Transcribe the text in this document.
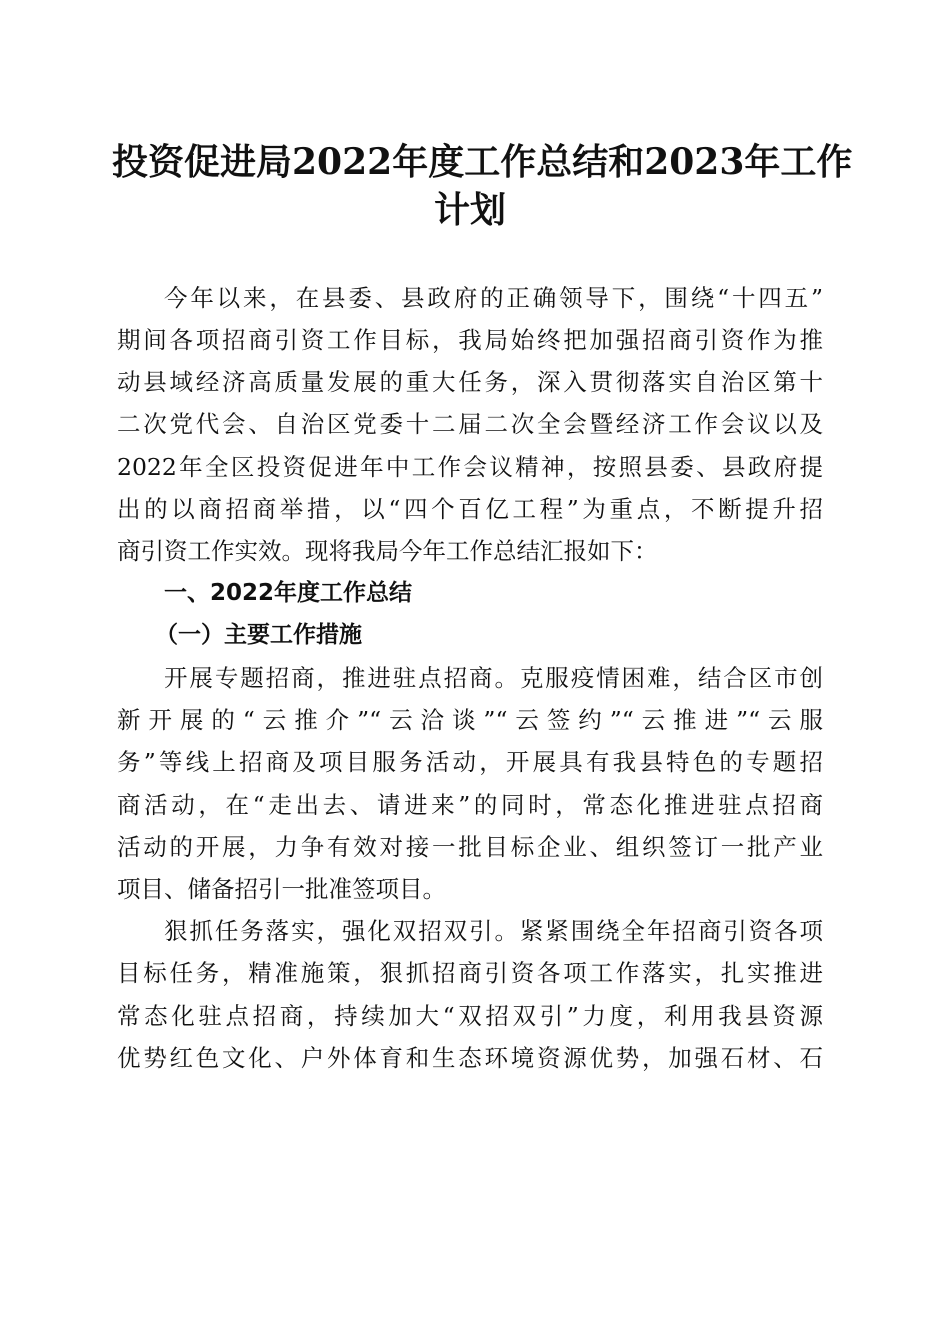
投资促进局2022年度工作总结和2023年工作
计划

今年以来，在县委、县政府的正确领导下，围绕“十四五”

期间各项招商引资工作目标，我局始终把加强招商引资作为推

动县域经济高质量发展的重大任务，深入贯彻落实自治区第十

二次党代会、自治区党委十二届二次全会暨经济工作会议以及

2022年全区投资促进年中工作会议精神，按照县委、县政府提

出的以商招商举措，以“四个百亿工程”为重点，不断提升招

商引资工作实效。现将我局今年工作总结汇报如下：

一、2022年度工作总结
（一）主要工作措施

开展专题招商，推进驻点招商。克服疫情困难，结合区市创

新开展的“云推介”“云洽谈”“云签约”“云推进”“云服

务”等线上招商及项目服务活动，开展具有我县特色的专题招

商活动，在“走出去、请进来”的同时，常态化推进驻点招商

活动的开展，力争有效对接一批目标企业、组织签订一批产业

项目、储备招引一批准签项目。

狠抓任务落实，强化双招双引。紧紧围绕全年招商引资各项

目标任务，精准施策，狠抓招商引资各项工作落实，扎实推进

常态化驻点招商，持续加大“双招双引”力度，利用我县资源

优势红色文化、户外体育和生态环境资源优势，加强石材、石
